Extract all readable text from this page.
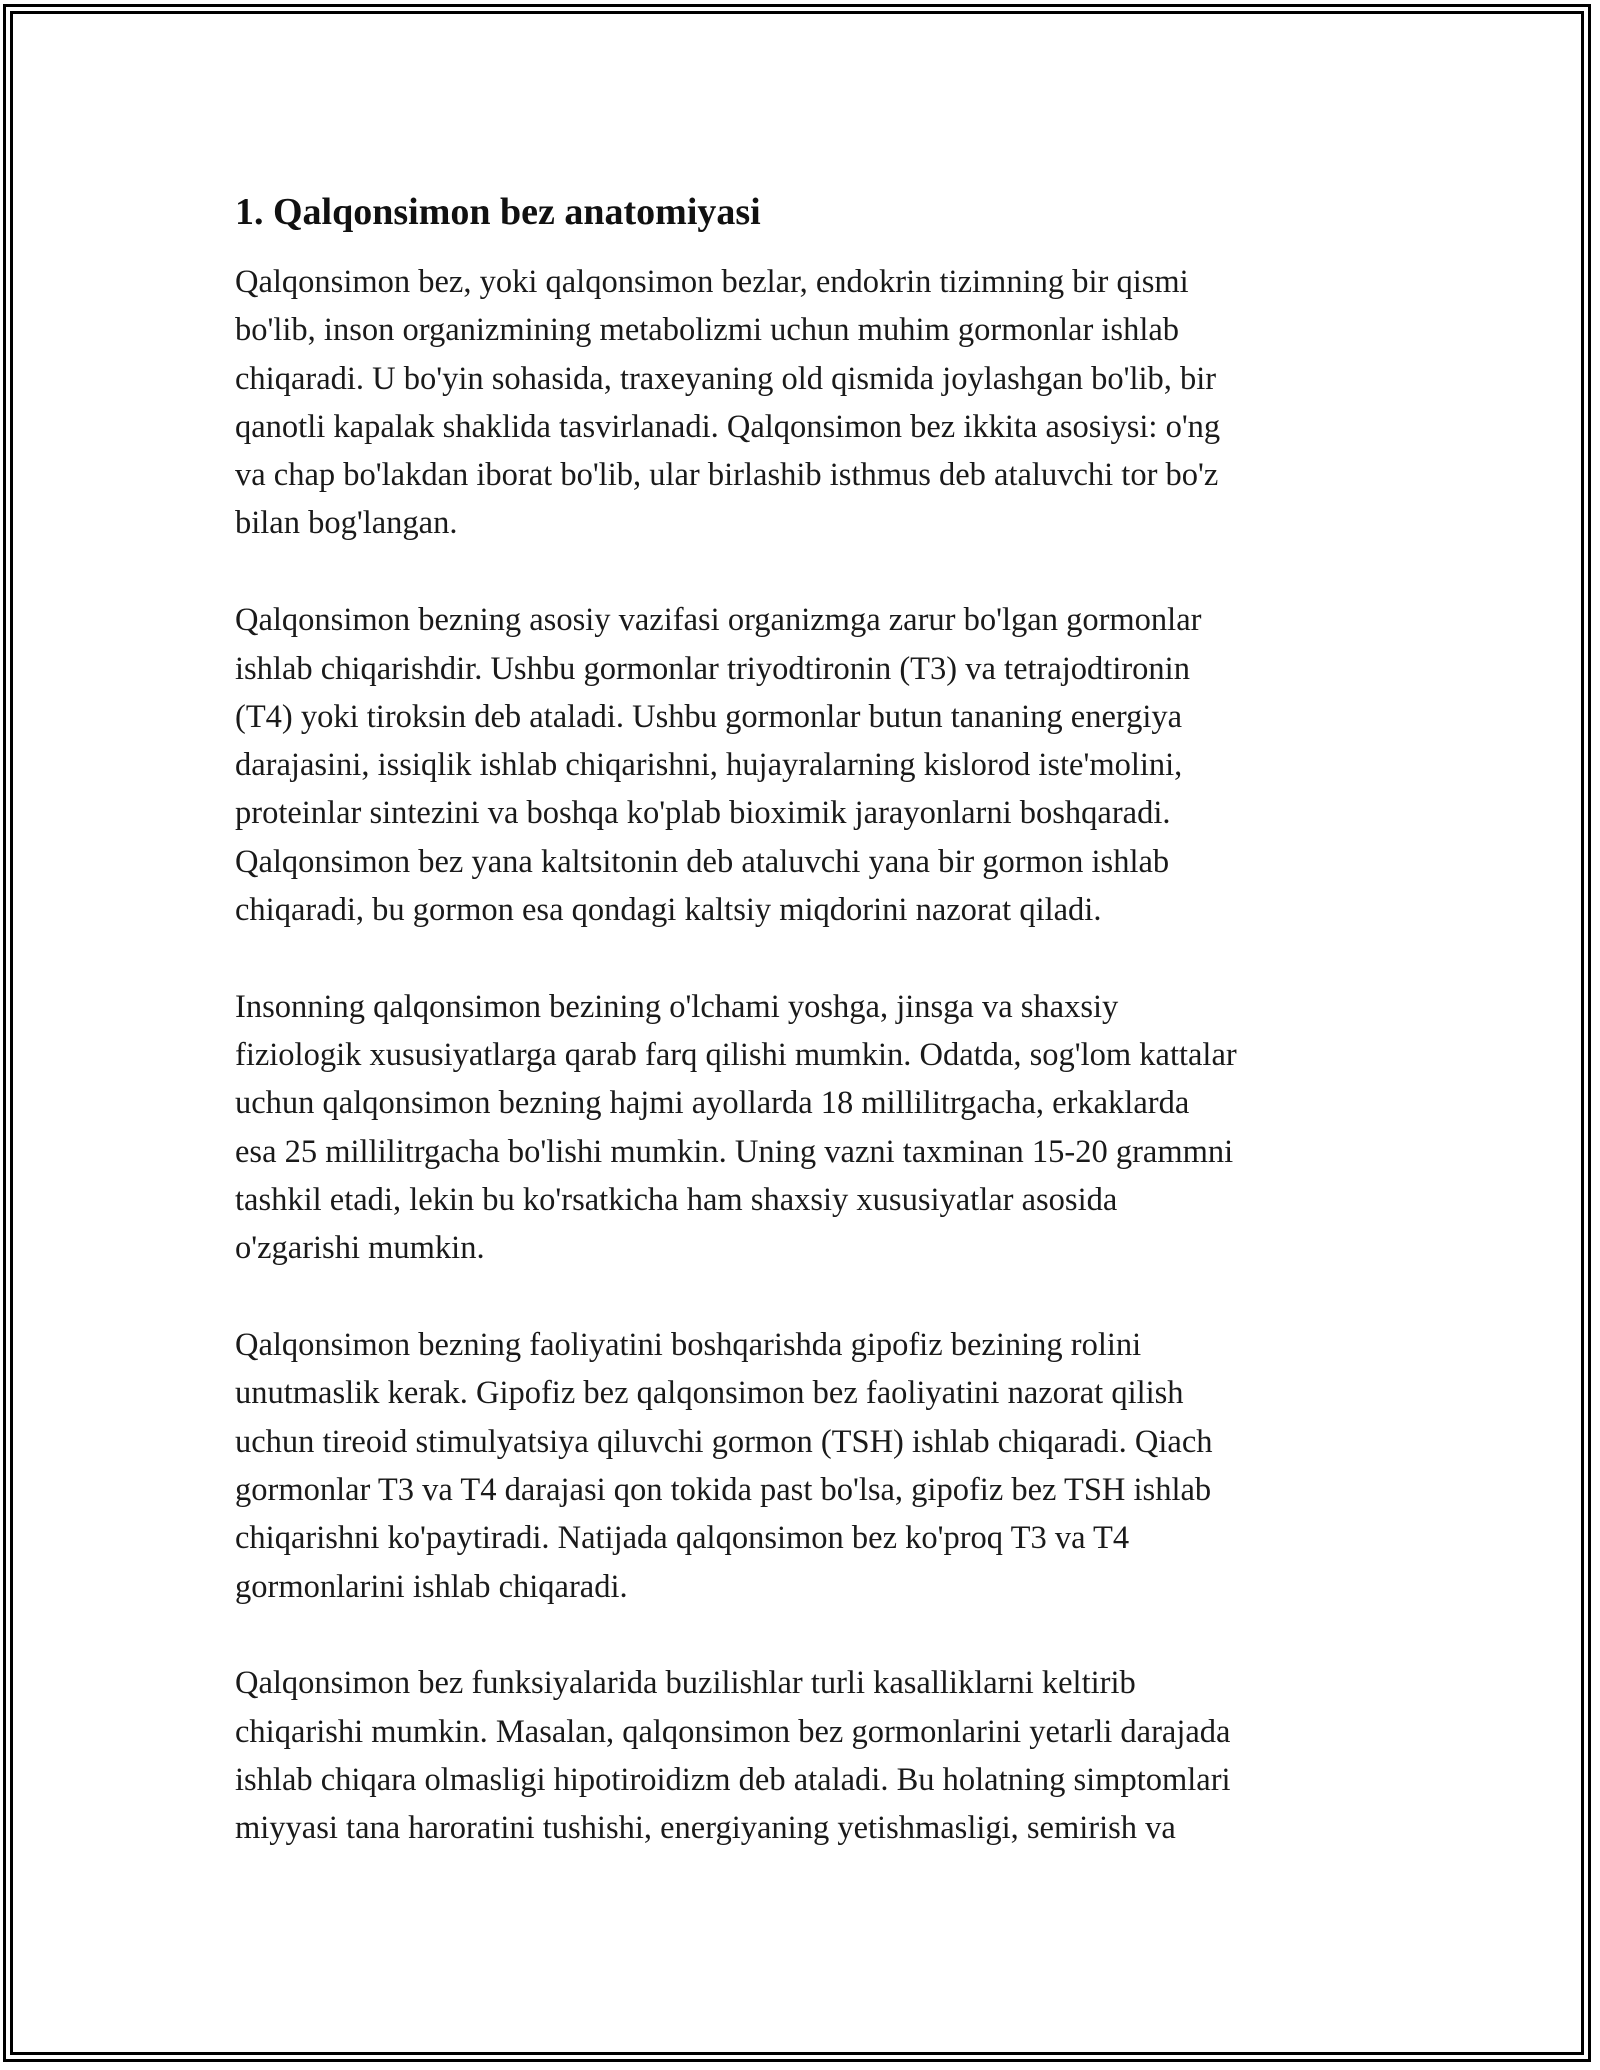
1. Qalqonsimon bez anatomiyasi

Qalqonsimon bez, yoki qalqonsimon bezlar, endokrin tizimning bir qismi
bo'lib, inson organizmining metabolizmi uchun muhim gormonlar ishlab
chiqaradi. U bo'yin sohasida, traxeyaning old qismida joylashgan bo'lib, bir
qanotli kapalak shaklida tasvirlanadi. Qalqonsimon bez ikkita asosiysi: o'ng
va chap bo'lakdan iborat bo'lib, ular birlashib isthmus deb ataluvchi tor bo'z
bilan bog'langan.

Qalqonsimon bezning asosiy vazifasi organizmga zarur bo'lgan gormonlar
ishlab chiqarishdir. Ushbu gormonlar triyodtironin (T3) va tetrajodtironin
(T4) yoki tiroksin deb ataladi. Ushbu gormonlar butun tananing energiya
darajasini, issiqlik ishlab chiqarishni, hujayralarning kislorod iste'molini,
proteinlar sintezini va boshqa ko'plab bioximik jarayonlarni boshqaradi.
Qalqonsimon bez yana kaltsitonin deb ataluvchi yana bir gormon ishlab
chiqaradi, bu gormon esa qondagi kaltsiy miqdorini nazorat qiladi.

Insonning qalqonsimon bezining o'lchami yoshga, jinsga va shaxsiy
fiziologik xususiyatlarga qarab farq qilishi mumkin. Odatda, sog'lom kattalar
uchun qalqonsimon bezning hajmi ayollarda 18 millilitrgacha, erkaklarda
esa 25 millilitrgacha bo'lishi mumkin. Uning vazni taxminan 15-20 grammni
tashkil etadi, lekin bu ko'rsatkicha ham shaxsiy xususiyatlar asosida
o'zgarishi mumkin.

Qalqonsimon bezning faoliyatini boshqarishda gipofiz bezining rolini
unutmaslik kerak. Gipofiz bez qalqonsimon bez faoliyatini nazorat qilish
uchun tireoid stimulyatsiya qiluvchi gormon (TSH) ishlab chiqaradi. Qiach
gormonlar T3 va T4 darajasi qon tokida past bo'lsa, gipofiz bez TSH ishlab
chiqarishni ko'paytiradi. Natijada qalqonsimon bez ko'proq T3 va T4
gormonlarini ishlab chiqaradi.

Qalqonsimon bez funksiyalarida buzilishlar turli kasalliklarni keltirib
chiqarishi mumkin. Masalan, qalqonsimon bez gormonlarini yetarli darajada
ishlab chiqara olmasligi hipotiroidizm deb ataladi. Bu holatning simptomlari
miyyasi tana haroratini tushishi, energiyaning yetishmasligi, semirish va
